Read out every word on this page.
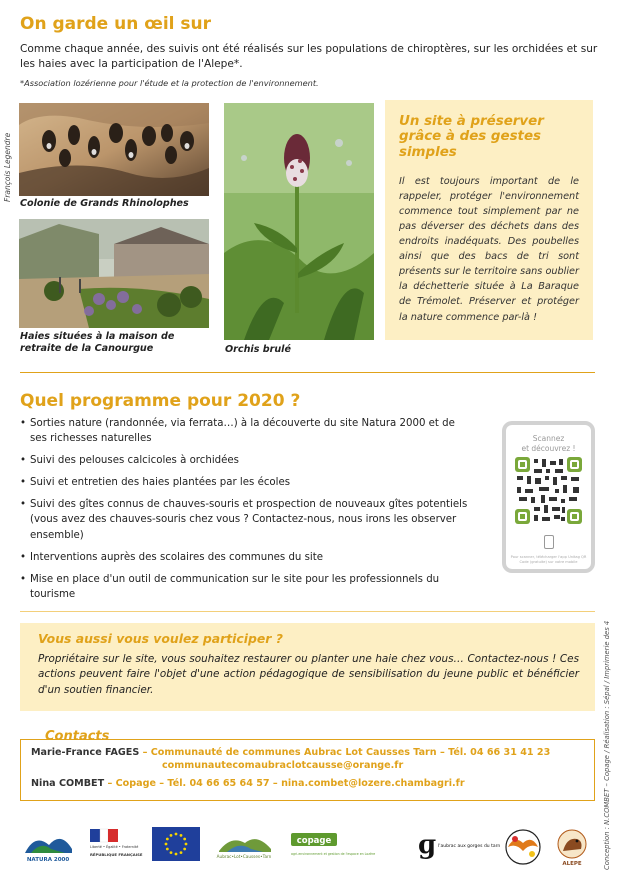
On garde un œil sur
Comme chaque année, des suivis ont été réalisés sur les populations de chiroptères, sur les orchidées et sur les haies avec la participation de l'Alepe*.
*Association lozérienne pour l'étude et la protection de l'environnement.
François Legendre
Colonie de Grands Rhinolophes
Haies situées à la maison de retraite de la Canourgue	Orchis brulé
Un site à préserver grâce à des gestes simples
Il est toujours important de le rappeler, protéger l'environnement commence tout simplement par ne pas déverser des déchets dans des endroits inadéquats. Des poubelles ainsi que des bacs de tri sont présents sur le territoire sans oublier la déchetterie située à La Baraque de Trémolet. Préserver et protéger la nature commence par-là !
Quel programme pour 2020 ?
• Sorties nature (randonnée, via ferrata…) à la découverte du site Natura 2000 et de ses richesses naturelles
• Suivi des pelouses calcicoles à orchidées
• Suivi et entretien des haies plantées par les écoles
• Suivi des gîtes connus de chauves-souris et prospection de nouveaux gîtes potentiels (vous avez des chauves-souris chez vous ? Contactez-nous, nous irons les observer ensemble)
• Interventions auprès des scolaires des communes du site
• Mise en place d'un outil de communication sur le site pour les professionnels du tourisme
Scannez
et découvrez !
Pour scanner, télécharger l'app Unitag QR Code (gratuite) sur votre mobile
Vous aussi vous voulez participer ?
Propriétaire sur le site, vous souhaitez restaurer ou planter une haie chez vous… Contactez-nous ! Ces actions peuvent faire l'objet d'une action pédagogique de sensibilisation du jeune public et bénéficier d'un soutien financier.
Contacts
Marie-France FAGES – Communauté de communes Aubrac Lot Causses Tarn – Tél. 04 66 31 41 23
communautecomaubraclotcausse@orange.fr
Nina COMBET – Copage – Tél. 04 66 65 64 57 – nina.combet@lozere.chambagri.fr	Conception : N.COMBET – Copage / Réalisation : Sépal / Imprimerie des 4
NATURA 2000
Liberté • Égalité • Fraternité
RÉPUBLIQUE FRANÇAISE	Aubrac•Lot•Causses•Tarn
copage
agri-environnement et gestion de l'espace en Lozère ɡ l'aubrac aux gorges du tarn
ALEPE
